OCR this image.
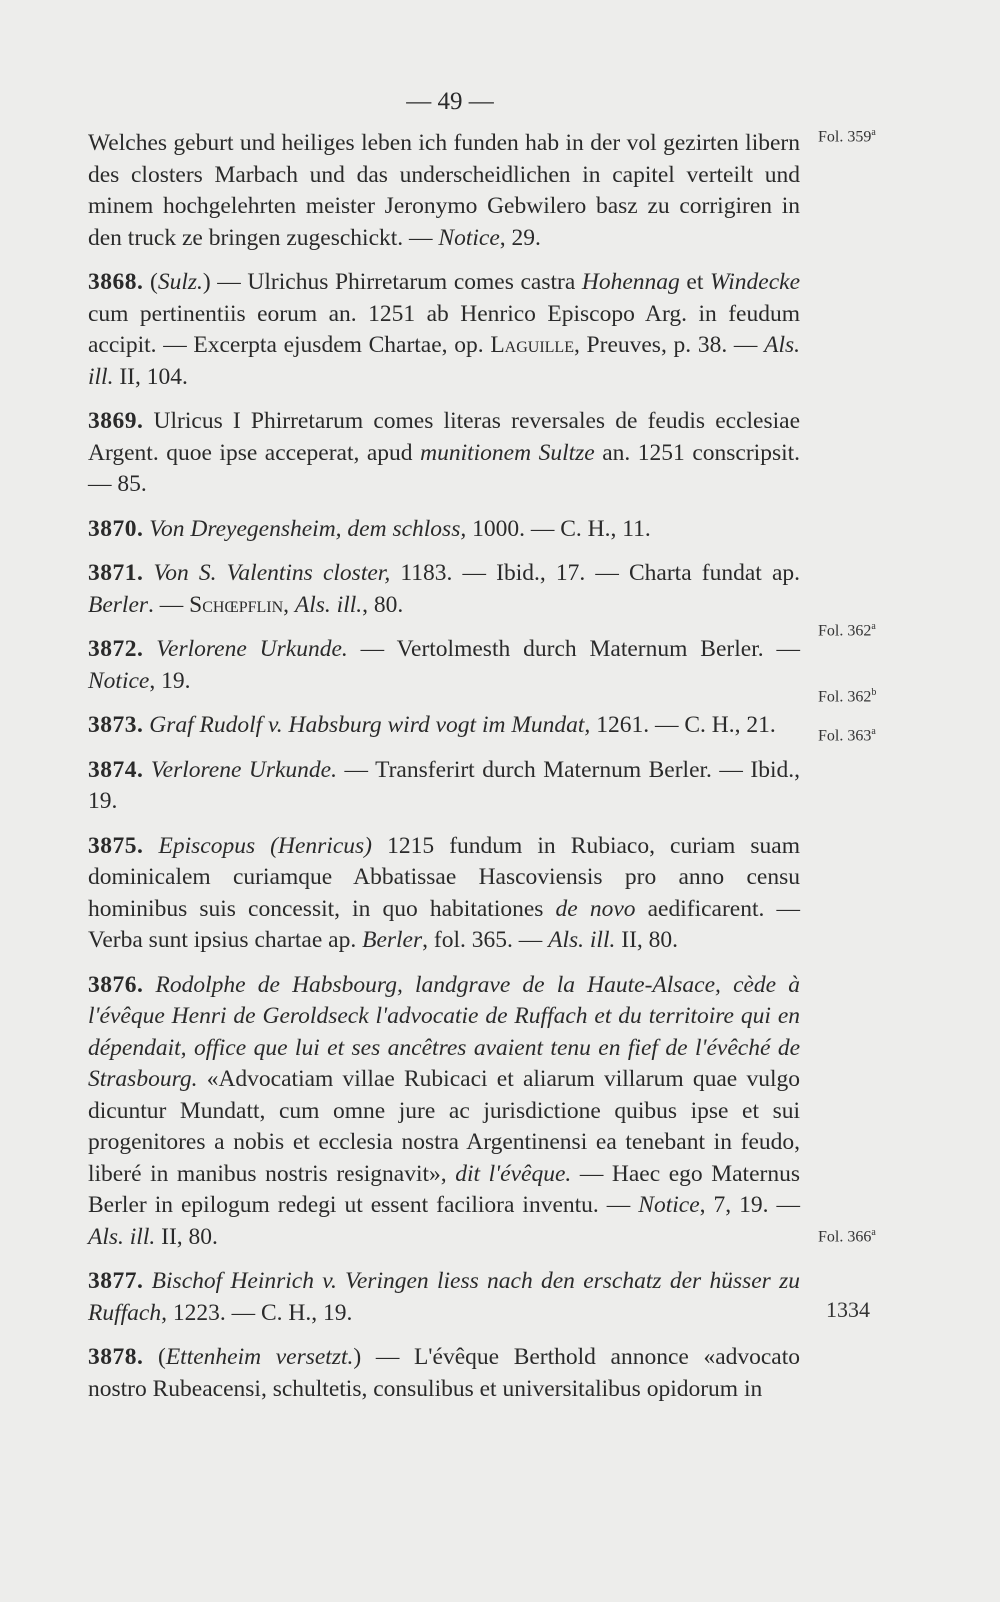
— 49 —

Welches geburt und heiliges leben ich funden hab in der vol gezirten libern des closters Marbach und das underscheidlichen in capitel verteilt und minem hochgelehrten meister Jeronymo Gebwilero basz zu corrigiren in den truck ze bringen zugeschickt. — Notice, 29.

3868. (Sulz.) — Ulrichus Phirretarum comes castra Hohennag et Windecke cum pertinentiis eorum an. 1251 ab Henrico Episcopo Arg. in feudum accipit. — Excerpta ejusdem Chartae, op. Laguille, Preuves, p. 38. — Als. ill. II, 104.

3869. Ulricus I Phirretarum comes literas reversales de feudis ecclesiae Argent. quoe ipse acceperat, apud munitionem Sultze an. 1251 conscripsit. — 85.

3870. Von Dreyegensheim, dem schloss, 1000. — C. H., 11.

3871. Von S. Valentins closter, 1183. — Ibid., 17. — Charta fundat ap. Berler. — Schœpflin, Als. ill., 80.

3872. Verlorene Urkunde. — Vertolmesth durch Maternum Berler. — Notice, 19.

3873. Graf Rudolf v. Habsburg wird vogt im Mundat, 1261. — C. H., 21.

3874. Verlorene Urkunde. — Transferirt durch Maternum Berler. — Ibid., 19.

3875. Episcopus (Henricus) 1215 fundum in Rubiaco, curiam suam dominicalem curiamque Abbatissae Hascoviensis pro anno censu hominibus suis concessit, in quo habitationes de novo aedificarent. — Verba sunt ipsius chartae ap. Berler, fol. 365. — Als. ill. II, 80.

3876. Rodolphe de Habsbourg, landgrave de la Haute-Alsace, cède à l'évêque Henri de Geroldseck l'advocatie de Ruffach et du territoire qui en dépendait, office que lui et ses ancêtres avaient tenu en fief de l'évêché de Strasbourg. «Advocatiam villae Rubicaci et aliarum villarum quae vulgo dicuntur Mundatt, cum omne jure ac jurisdictione quibus ipse et sui progenitores a nobis et ecclesia nostra Argentinensi ea tenebant in feudo, liberé in manibus nostris resignavit», dit l'évêque. — Haec ego Maternus Berler in epilogum redegi ut essent faciliora inventu. — Notice, 7, 19. — Als. ill. II, 80.

3877. Bischof Heinrich v. Veringen liess nach den erschatz der hüsser zu Ruffach, 1223. — C. H., 19.

3878. (Ettenheim versetzt.) — L'évêque Berthold annonce «advocato nostro Rubeacensi, schultetis, consulibus et universitalibus opidorum in

Fol. 359$^a$
Fol. 362$^a$
Fol. 362$^b$
Fol. 363$^a$
Fol. 366$^a$
1334
